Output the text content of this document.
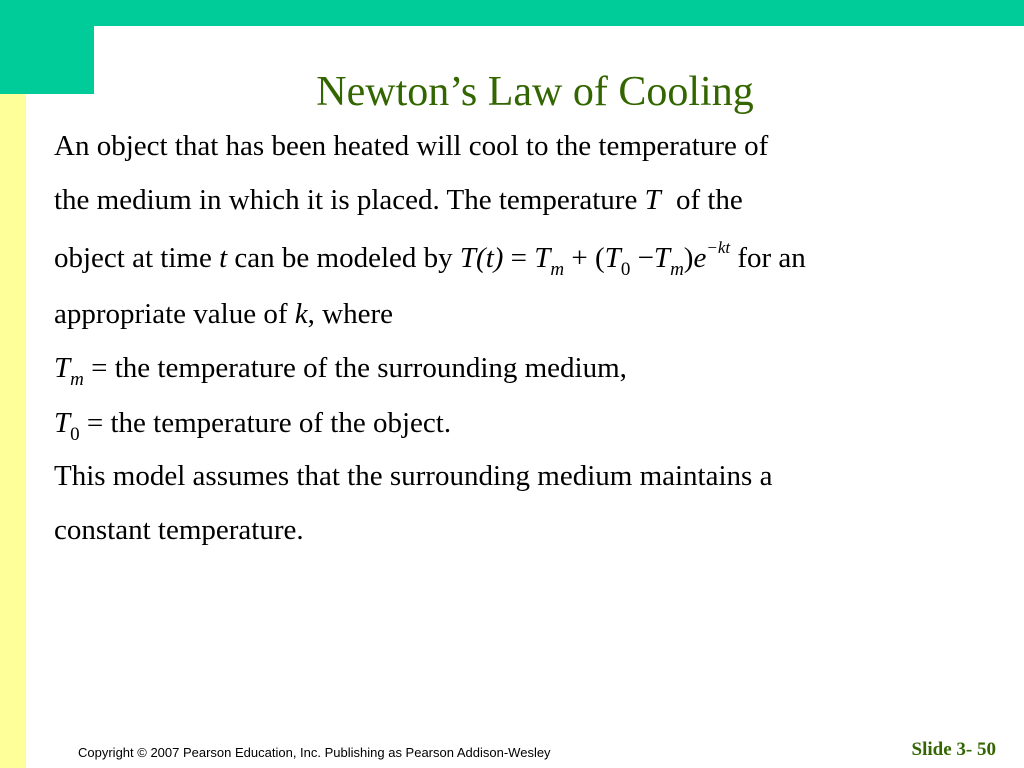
Newton’s Law of Cooling
An object that has been heated will cool to the temperature of
the medium in which it is placed. The temperature T of the
object at time t can be modeled by $T(t) = T_m + (T_0 -T_m)e^{-kt}$ for an
appropriate value of k, where
$T_m$ = the temperature of the surrounding medium,
$T_0$ = the temperature of the object.
This model assumes that the surrounding medium maintains a
constant temperature.
Copyright © 2007 Pearson Education, Inc. Publishing as Pearson Addison-Wesley	Slide 3- 50
